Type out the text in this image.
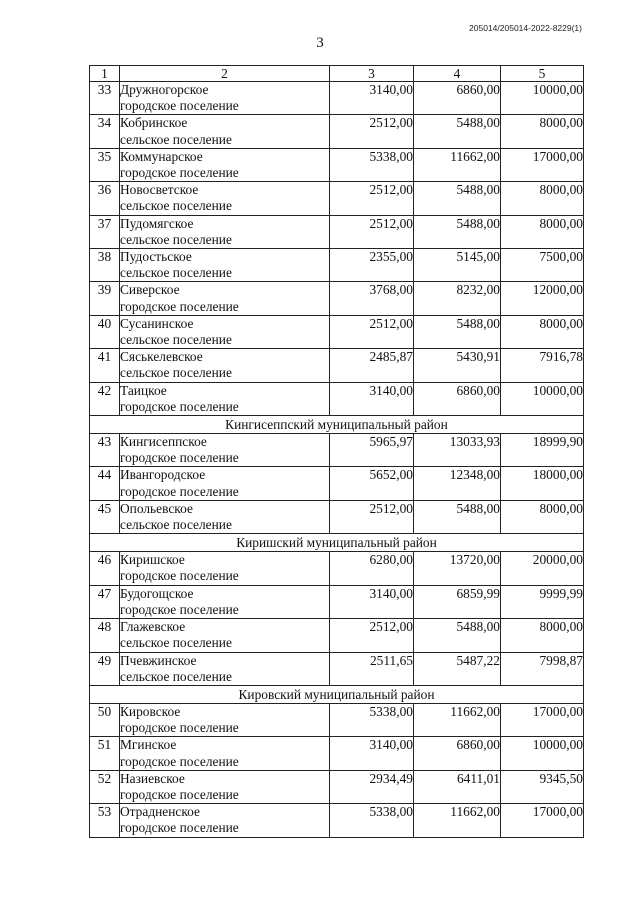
205014/205014-2022-8229(1)
3
1	2	3	4	5
33	Дружногорское
городское поселение	3140,00	6860,00	10000,00
34	Кобринское
сельское поселение	2512,00	5488,00	8000,00
35	Коммунарское
городское поселение	5338,00	11662,00	17000,00
36	Новосветское
сельское поселение	2512,00	5488,00	8000,00
37	Пудомягское
сельское поселение	2512,00	5488,00	8000,00
38	Пудостьское
сельское поселение	2355,00	5145,00	7500,00
39	Сиверское
городское поселение	3768,00	8232,00	12000,00
40	Сусанинское
сельское поселение	2512,00	5488,00	8000,00
41	Сяськелевское
сельское поселение	2485,87	5430,91	7916,78
42	Таицкое
городское поселение	3140,00	6860,00	10000,00
Кингисеппский муниципальный район				
43	Кингисеппское
городское поселение	5965,97	13033,93	18999,90
44	Ивангородское
городское поселение	5652,00	12348,00	18000,00
45	Опольевское
сельское поселение	2512,00	5488,00	8000,00
Киришский муниципальный район				
46	Киришское
городское поселение	6280,00	13720,00	20000,00
47	Будогощское
городское поселение	3140,00	6859,99	9999,99
48	Глажевское
сельское поселение	2512,00	5488,00	8000,00
49	Пчевжинское
сельское поселение	2511,65	5487,22	7998,87
Кировский муниципальный район				
50	Кировское
городское поселение	5338,00	11662,00	17000,00
51	Мгинское
городское поселение	3140,00	6860,00	10000,00
52	Назиевское
городское поселение	2934,49	6411,01	9345,50
53	Отрадненское
городское поселение	5338,00	11662,00	17000,00
